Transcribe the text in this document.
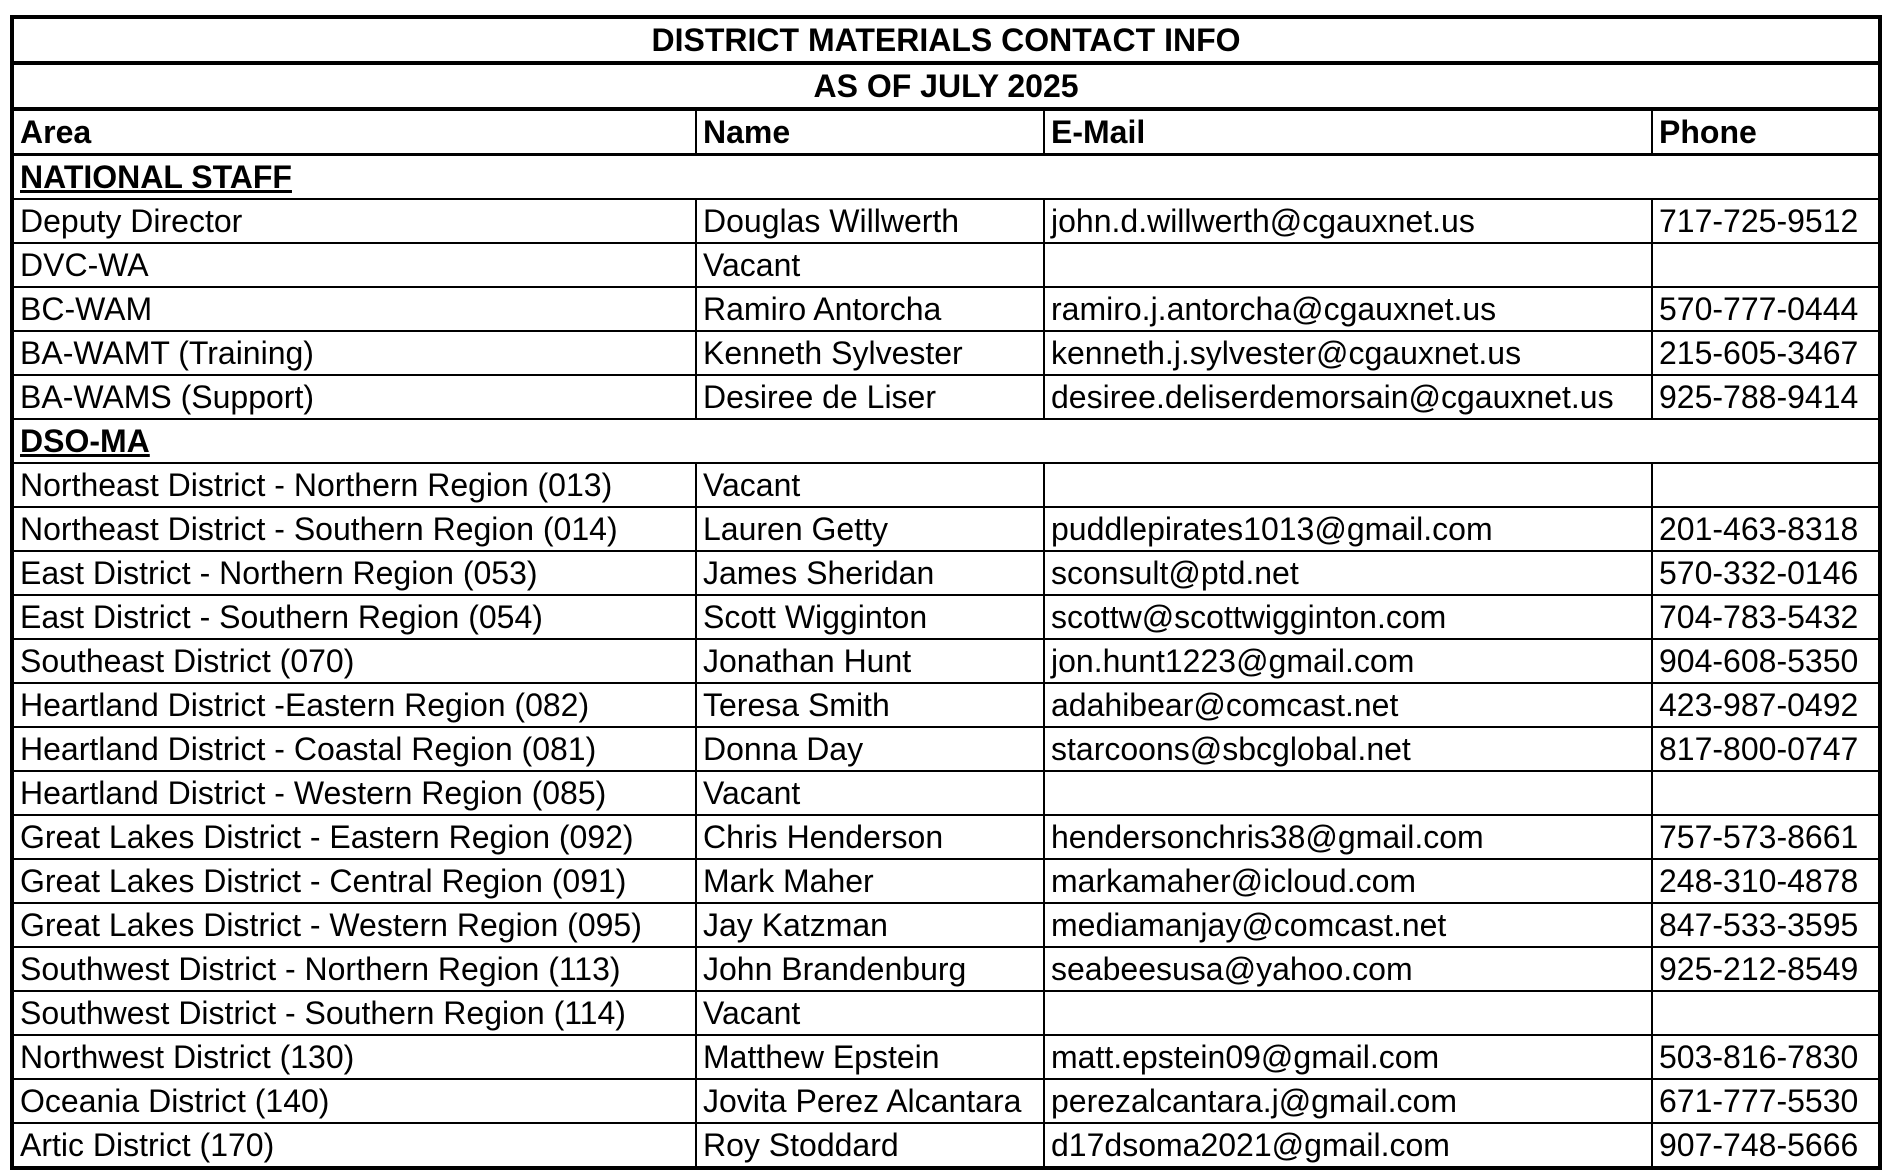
DISTRICT MATERIALS CONTACT INFO			
AS OF JULY 2025			
Area	Name	E-Mail	Phone
NATIONAL STAFF			
Deputy Director	Douglas Willwerth	john.d.willwerth@cgauxnet.us	717-725-9512
DVC-WA	Vacant		
BC-WAM	Ramiro Antorcha	ramiro.j.antorcha@cgauxnet.us	570-777-0444
BA-WAMT (Training)	Kenneth Sylvester	kenneth.j.sylvester@cgauxnet.us	215-605-3467
BA-WAMS (Support)	Desiree de Liser	desiree.deliserdemorsain@cgauxnet.us	925-788-9414
DSO-MA			
Northeast District - Northern Region (013)	Vacant		
Northeast District - Southern Region (014)	Lauren Getty	puddlepirates1013@gmail.com	201-463-8318
East District - Northern Region (053)	James Sheridan	sconsult@ptd.net	570-332-0146
East District - Southern Region (054)	Scott Wigginton	scottw@scottwigginton.com	704-783-5432
Southeast District (070)	Jonathan Hunt	jon.hunt1223@gmail.com	904-608-5350
Heartland District -Eastern Region (082)	Teresa Smith	adahibear@comcast.net	423-987-0492
Heartland District - Coastal Region (081)	Donna Day	starcoons@sbcglobal.net	817-800-0747
Heartland District - Western Region (085)	Vacant		
Great Lakes District - Eastern Region (092)	Chris Henderson	hendersonchris38@gmail.com	757-573-8661
Great Lakes District - Central Region (091)	Mark Maher	markamaher@icloud.com	248-310-4878
Great Lakes District - Western Region (095)	Jay Katzman	mediamanjay@comcast.net	847-533-3595
Southwest District - Northern Region (113)	John Brandenburg	seabeesusa@yahoo.com	925-212-8549
Southwest District - Southern Region (114)	Vacant		
Northwest District (130)	Matthew Epstein	matt.epstein09@gmail.com	503-816-7830
Oceania District (140)	Jovita Perez Alcantara	perezalcantara.j@gmail.com	671-777-5530
Artic District (170)	Roy Stoddard	d17dsoma2021@gmail.com	907-748-5666
